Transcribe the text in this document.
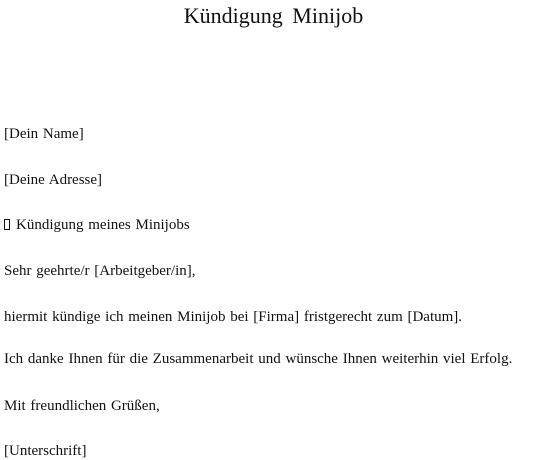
Kündigung Minijob

[Dein Name]

[Deine Adresse]

Kündigung meines Minijobs

Sehr geehrte/r [Arbeitgeber/in],

hiermit kündige ich meinen Minijob bei [Firma] fristgerecht zum [Datum].

Ich danke Ihnen für die Zusammenarbeit und wünsche Ihnen weiterhin viel Erfolg.

Mit freundlichen Grüßen,

[Unterschrift]
